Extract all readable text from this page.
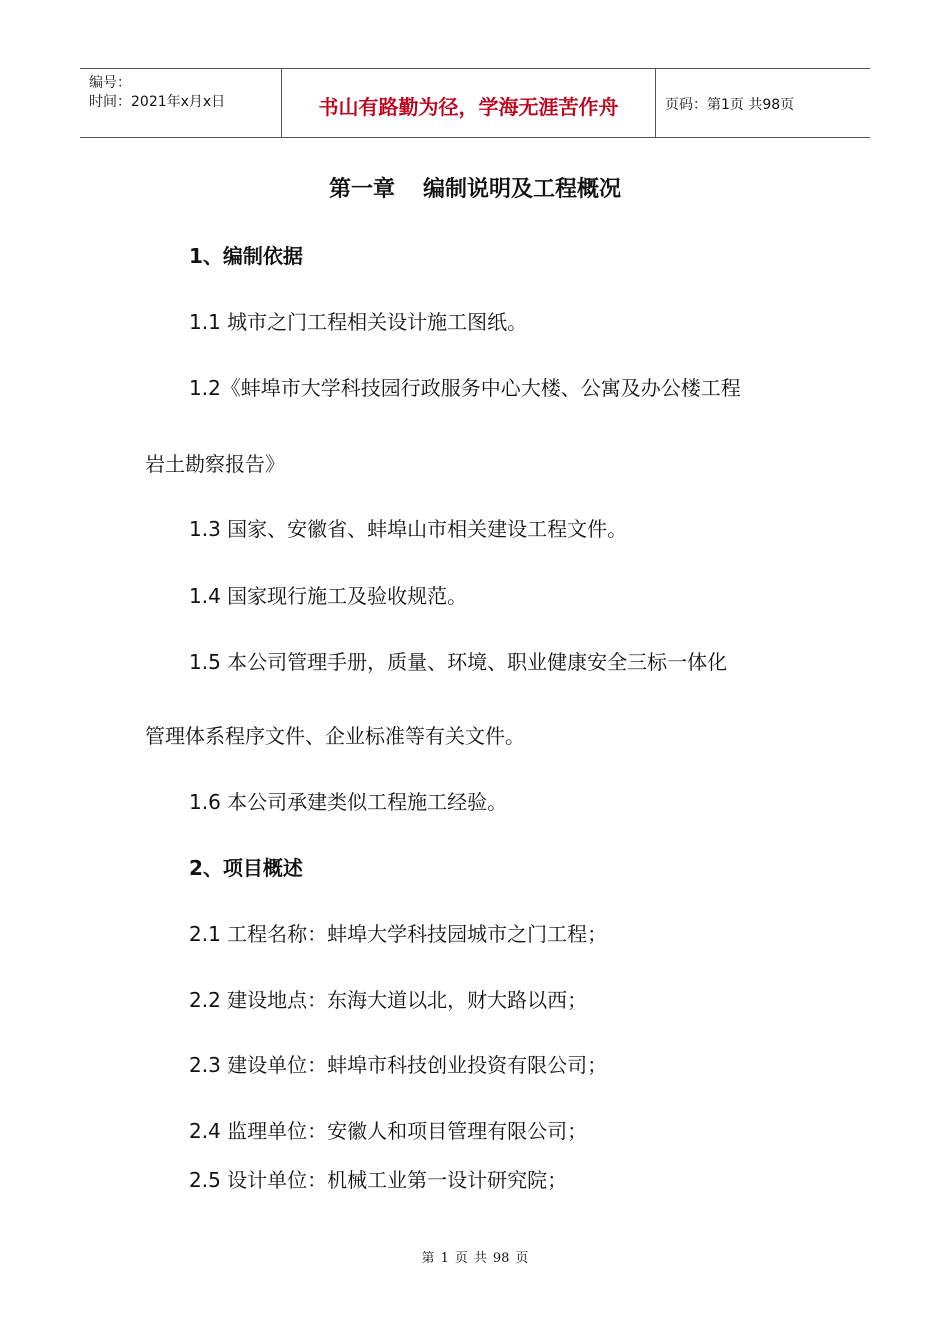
编号：
时间：2021年x月x日	书山有路勤为径，学海无涯苦作舟	页码：第1页 共98页
第一章 编制说明及工程概况
1、编制依据
1.1 城市之门工程相关设计施工图纸。
1.2《蚌埠市大学科技园行政服务中心大楼、公寓及办公楼工程
岩土勘察报告》
1.3 国家、安徽省、蚌埠山市相关建设工程文件。
1.4 国家现行施工及验收规范。
1.5 本公司管理手册，质量、环境、职业健康安全三标一体化
管理体系程序文件、企业标准等有关文件。
1.6 本公司承建类似工程施工经验。
2、项目概述
2.1 工程名称：蚌埠大学科技园城市之门工程；
2.2 建设地点：东海大道以北，财大路以西；
2.3 建设单位：蚌埠市科技创业投资有限公司；
2.4 监理单位：安徽人和项目管理有限公司；
2.5 设计单位：机械工业第一设计研究院；
第 1 页 共 98 页
